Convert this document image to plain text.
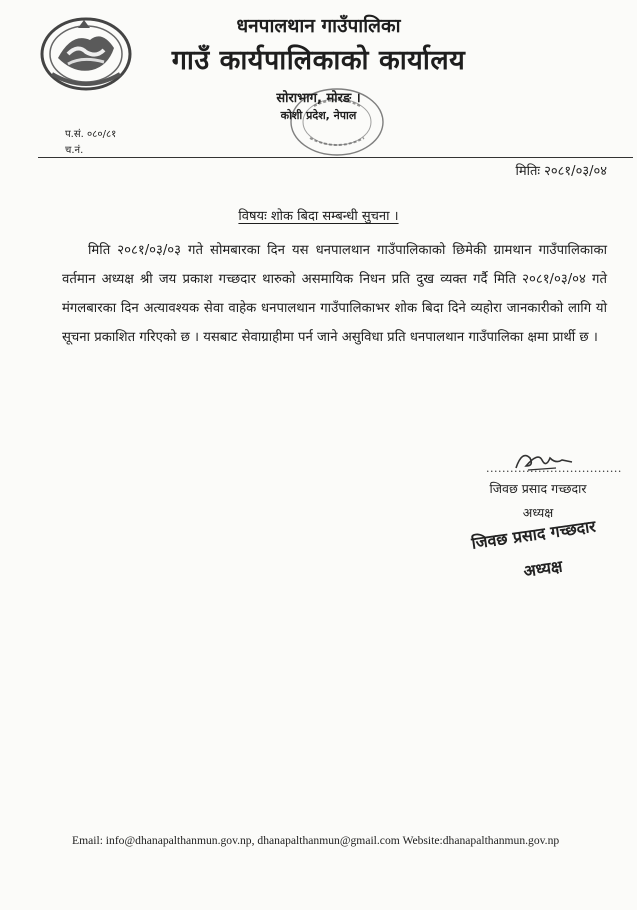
धनपालथान गाउँपालिका
गाउँ कार्यपालिकाको कार्यालय
सोराभाग, मोरङ ।
कोशी प्रदेश, नेपाल
प.सं. ०८०/८१
च.नं.
मितिः २०८१/०३/०४
विषयः शोक बिदा सम्बन्धी सुचना ।

मिति २०८१/०३/०३ गते सोमबारका दिन यस धनपालथान गाउँपालिकाको छिमेकी ग्रामथान गाउँपालिकाका वर्तमान अध्यक्ष श्री जय प्रकाश गच्छदार थारुको असमायिक निधन प्रति दुख व्यक्त गर्दै मिति २०८१/०३/०४ गते मंगलबारका दिन अत्यावश्यक सेवा वाहेक धनपालथान गाउँपालिकाभर शोक बिदा दिने व्यहोरा जानकारीको लागि यो सूचना प्रकाशित गरिएको छ । यसबाट सेवाग्राहीमा पर्न जाने असुविधा प्रति धनपालथान गाउँपालिका क्षमा प्रार्थी छ ।

..................................
जिवछ प्रसाद गच्छदार
अध्यक्ष
जिवछ प्रसाद गच्छदार
अध्यक्ष
Email: info@dhanapalthanmun.gov.np, dhanapalthanmun@gmail.com Website:dhanapalthanmun.gov.np
